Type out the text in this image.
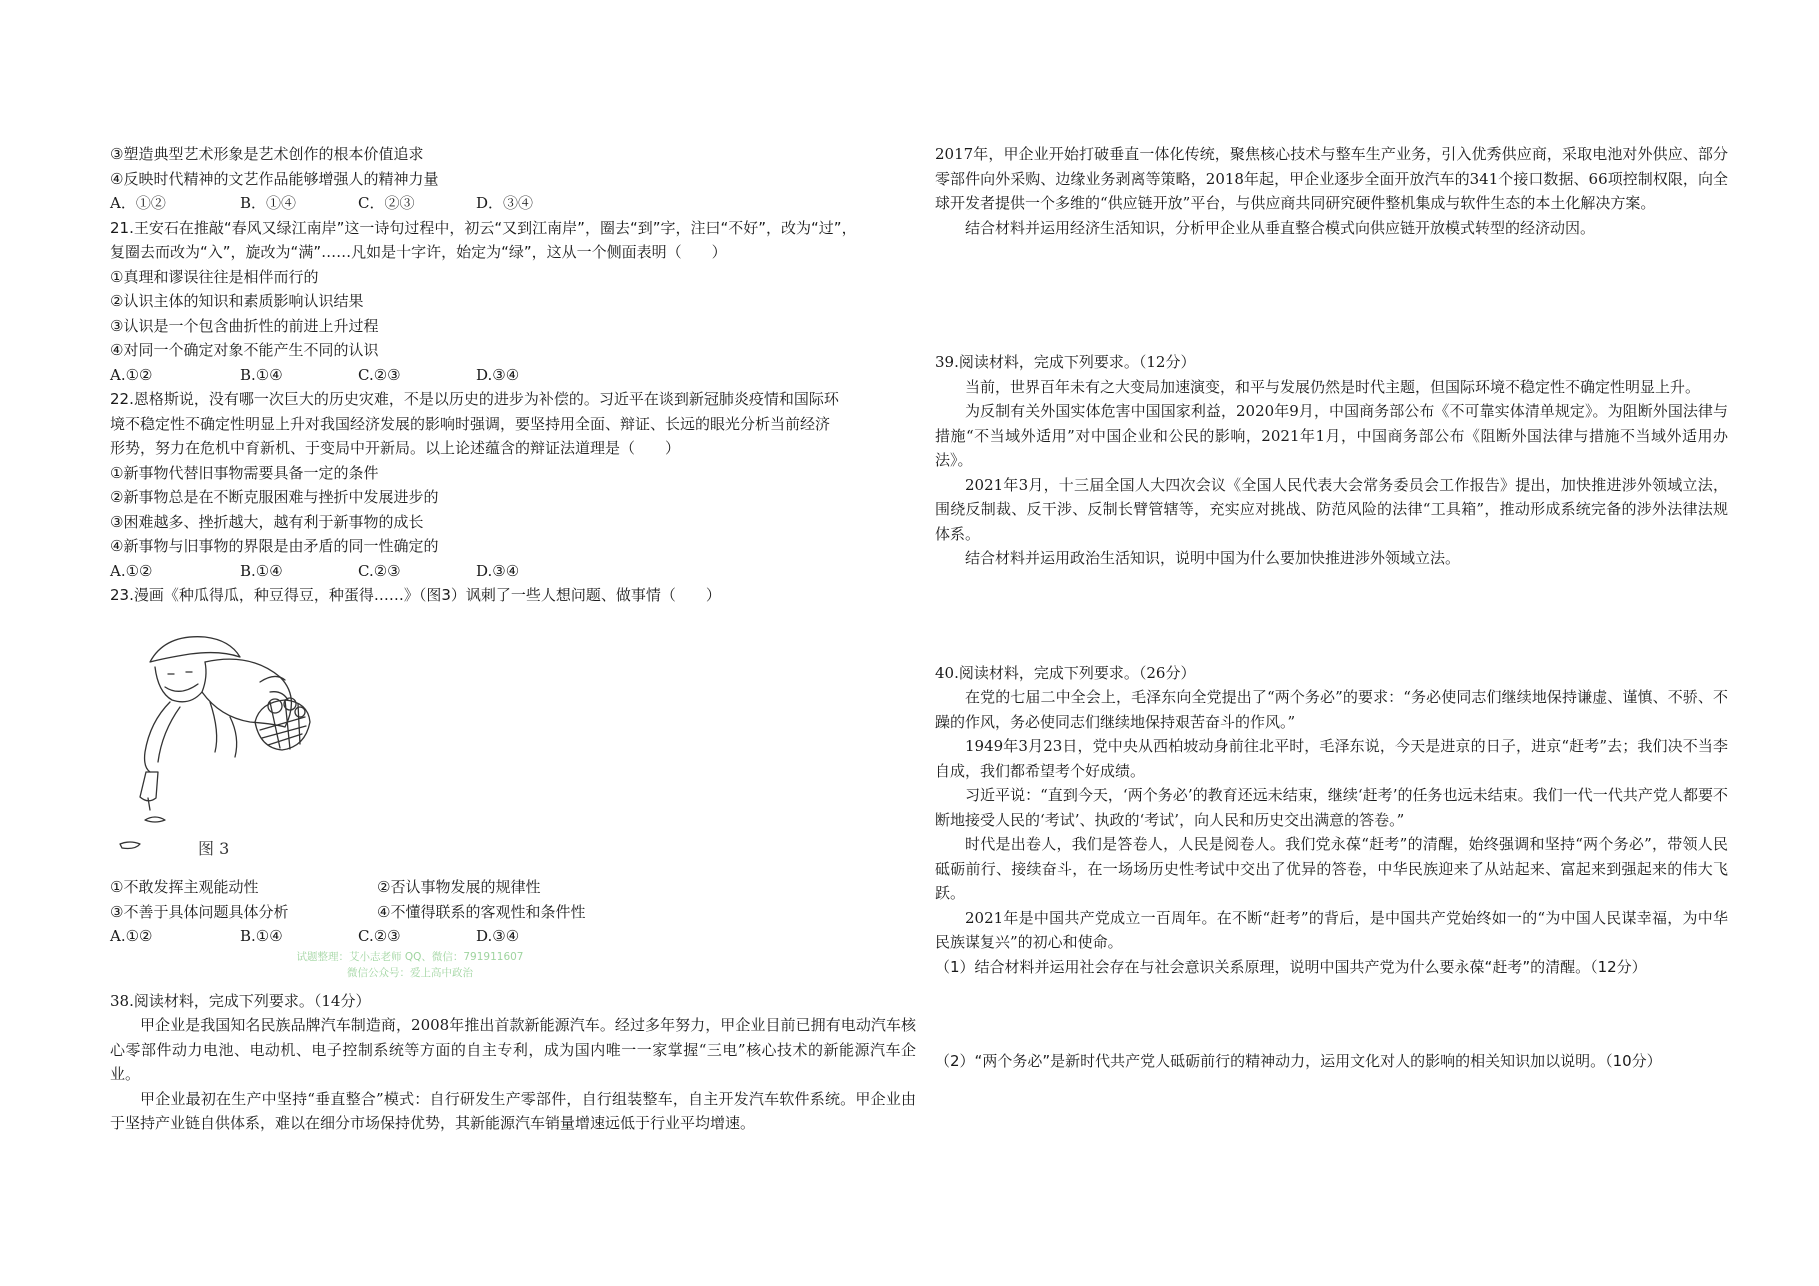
③塑造典型艺术形象是艺术创作的根本价值追求
④反映时代精神的文艺作品能够增强人的精神力量
A．①②	B．①④	C．②③	D．③④
21.王安石在推敲“春风又绿江南岸”这一诗句过程中，初云“又到江南岸”，圈去“到”字，注曰“不好”，改为“过”，
复圈去而改为“入”，旋改为“满”……凡如是十字许，始定为“绿”，这从一个侧面表明（　　）
①真理和谬误往往是相伴而行的
②认识主体的知识和素质影响认识结果
③认识是一个包含曲折性的前进上升过程
④对同一个确定对象不能产生不同的认识
A.①②	B.①④	C.②③	D.③④
22.恩格斯说，没有哪一次巨大的历史灾难，不是以历史的进步为补偿的。习近平在谈到新冠肺炎疫情和国际环
境不稳定性不确定性明显上升对我国经济发展的影响时强调，要坚持用全面、辩证、长远的眼光分析当前经济
形势，努力在危机中育新机、于变局中开新局。以上论述蕴含的辩证法道理是（　　）
①新事物代替旧事物需要具备一定的条件
②新事物总是在不断克服困难与挫折中发展进步的
③困难越多、挫折越大，越有利于新事物的成长
④新事物与旧事物的界限是由矛盾的同一性确定的
A.①②	B.①④	C.②③	D.③④
23.漫画《种瓜得瓜，种豆得豆，种蛋得……》（图3）讽刺了一些人想问题、做事情（　　）
图 3
①不敢发挥主观能动性	②否认事物发展的规律性
③不善于具体问题具体分析	④不懂得联系的客观性和条件性
A.①②	B.①④	C.②③	D.③④
试题整理：艾小志老师 QQ、微信：791911607
微信公众号：爱上高中政治
38.阅读材料，完成下列要求。（14分）
甲企业是我国知名民族品牌汽车制造商，2008年推出首款新能源汽车。经过多年努力，甲企业目前已拥有电动汽车核心零部件动力电池、电动机、电子控制系统等方面的自主专利，成为国内唯一一家掌握“三电”核心技术的新能源汽车企业。
甲企业最初在生产中坚持“垂直整合”模式：自行研发生产零部件，自行组装整车，自主开发汽车软件系统。甲企业由于坚持产业链自供体系，难以在细分市场保持优势，其新能源汽车销量增速远低于行业平均增速。
2017年，甲企业开始打破垂直一体化传统，聚焦核心技术与整车生产业务，引入优秀供应商，采取电池对外供应、部分零部件向外采购、边缘业务剥离等策略，2018年起，甲企业逐步全面开放汽车的341个接口数据、66项控制权限，向全球开发者提供一个多维的“供应链开放”平台，与供应商共同研究硬件整机集成与软件生态的本土化解决方案。
结合材料并运用经济生活知识，分析甲企业从垂直整合模式向供应链开放模式转型的经济动因。
39.阅读材料，完成下列要求。（12分）
当前，世界百年未有之大变局加速演变，和平与发展仍然是时代主题，但国际环境不稳定性不确定性明显上升。
为反制有关外国实体危害中国国家利益，2020年9月，中国商务部公布《不可靠实体清单规定》。为阻断外国法律与措施“不当域外适用”对中国企业和公民的影响，2021年1月，中国商务部公布《阻断外国法律与措施不当域外适用办法》。
2021年3月，十三届全国人大四次会议《全国人民代表大会常务委员会工作报告》提出，加快推进涉外领域立法，围绕反制裁、反干涉、反制长臂管辖等，充实应对挑战、防范风险的法律“工具箱”，推动形成系统完备的涉外法律法规体系。
结合材料并运用政治生活知识，说明中国为什么要加快推进涉外领域立法。
40.阅读材料，完成下列要求。（26分）
在党的七届二中全会上，毛泽东向全党提出了“两个务必”的要求：“务必使同志们继续地保持谦虚、谨慎、不骄、不躁的作风，务必使同志们继续地保持艰苦奋斗的作风。”
1949年3月23日，党中央从西柏坡动身前往北平时，毛泽东说，今天是进京的日子，进京“赶考”去；我们决不当李自成，我们都希望考个好成绩。
习近平说：“直到今天，‘两个务必’的教育还远未结束，继续‘赶考’的任务也远未结束。我们一代一代共产党人都要不断地接受人民的‘考试’、执政的‘考试’，向人民和历史交出满意的答卷。”
时代是出卷人，我们是答卷人，人民是阅卷人。我们党永葆“赶考”的清醒，始终强调和坚持“两个务必”，带领人民砥砺前行、接续奋斗，在一场场历史性考试中交出了优异的答卷，中华民族迎来了从站起来、富起来到强起来的伟大飞跃。
2021年是中国共产党成立一百周年。在不断“赶考”的背后，是中国共产党始终如一的“为中国人民谋幸福，为中华民族谋复兴”的初心和使命。
（1）结合材料并运用社会存在与社会意识关系原理，说明中国共产党为什么要永葆“赶考”的清醒。（12分）
（2）“两个务必”是新时代共产党人砥砺前行的精神动力，运用文化对人的影响的相关知识加以说明。（10分）
